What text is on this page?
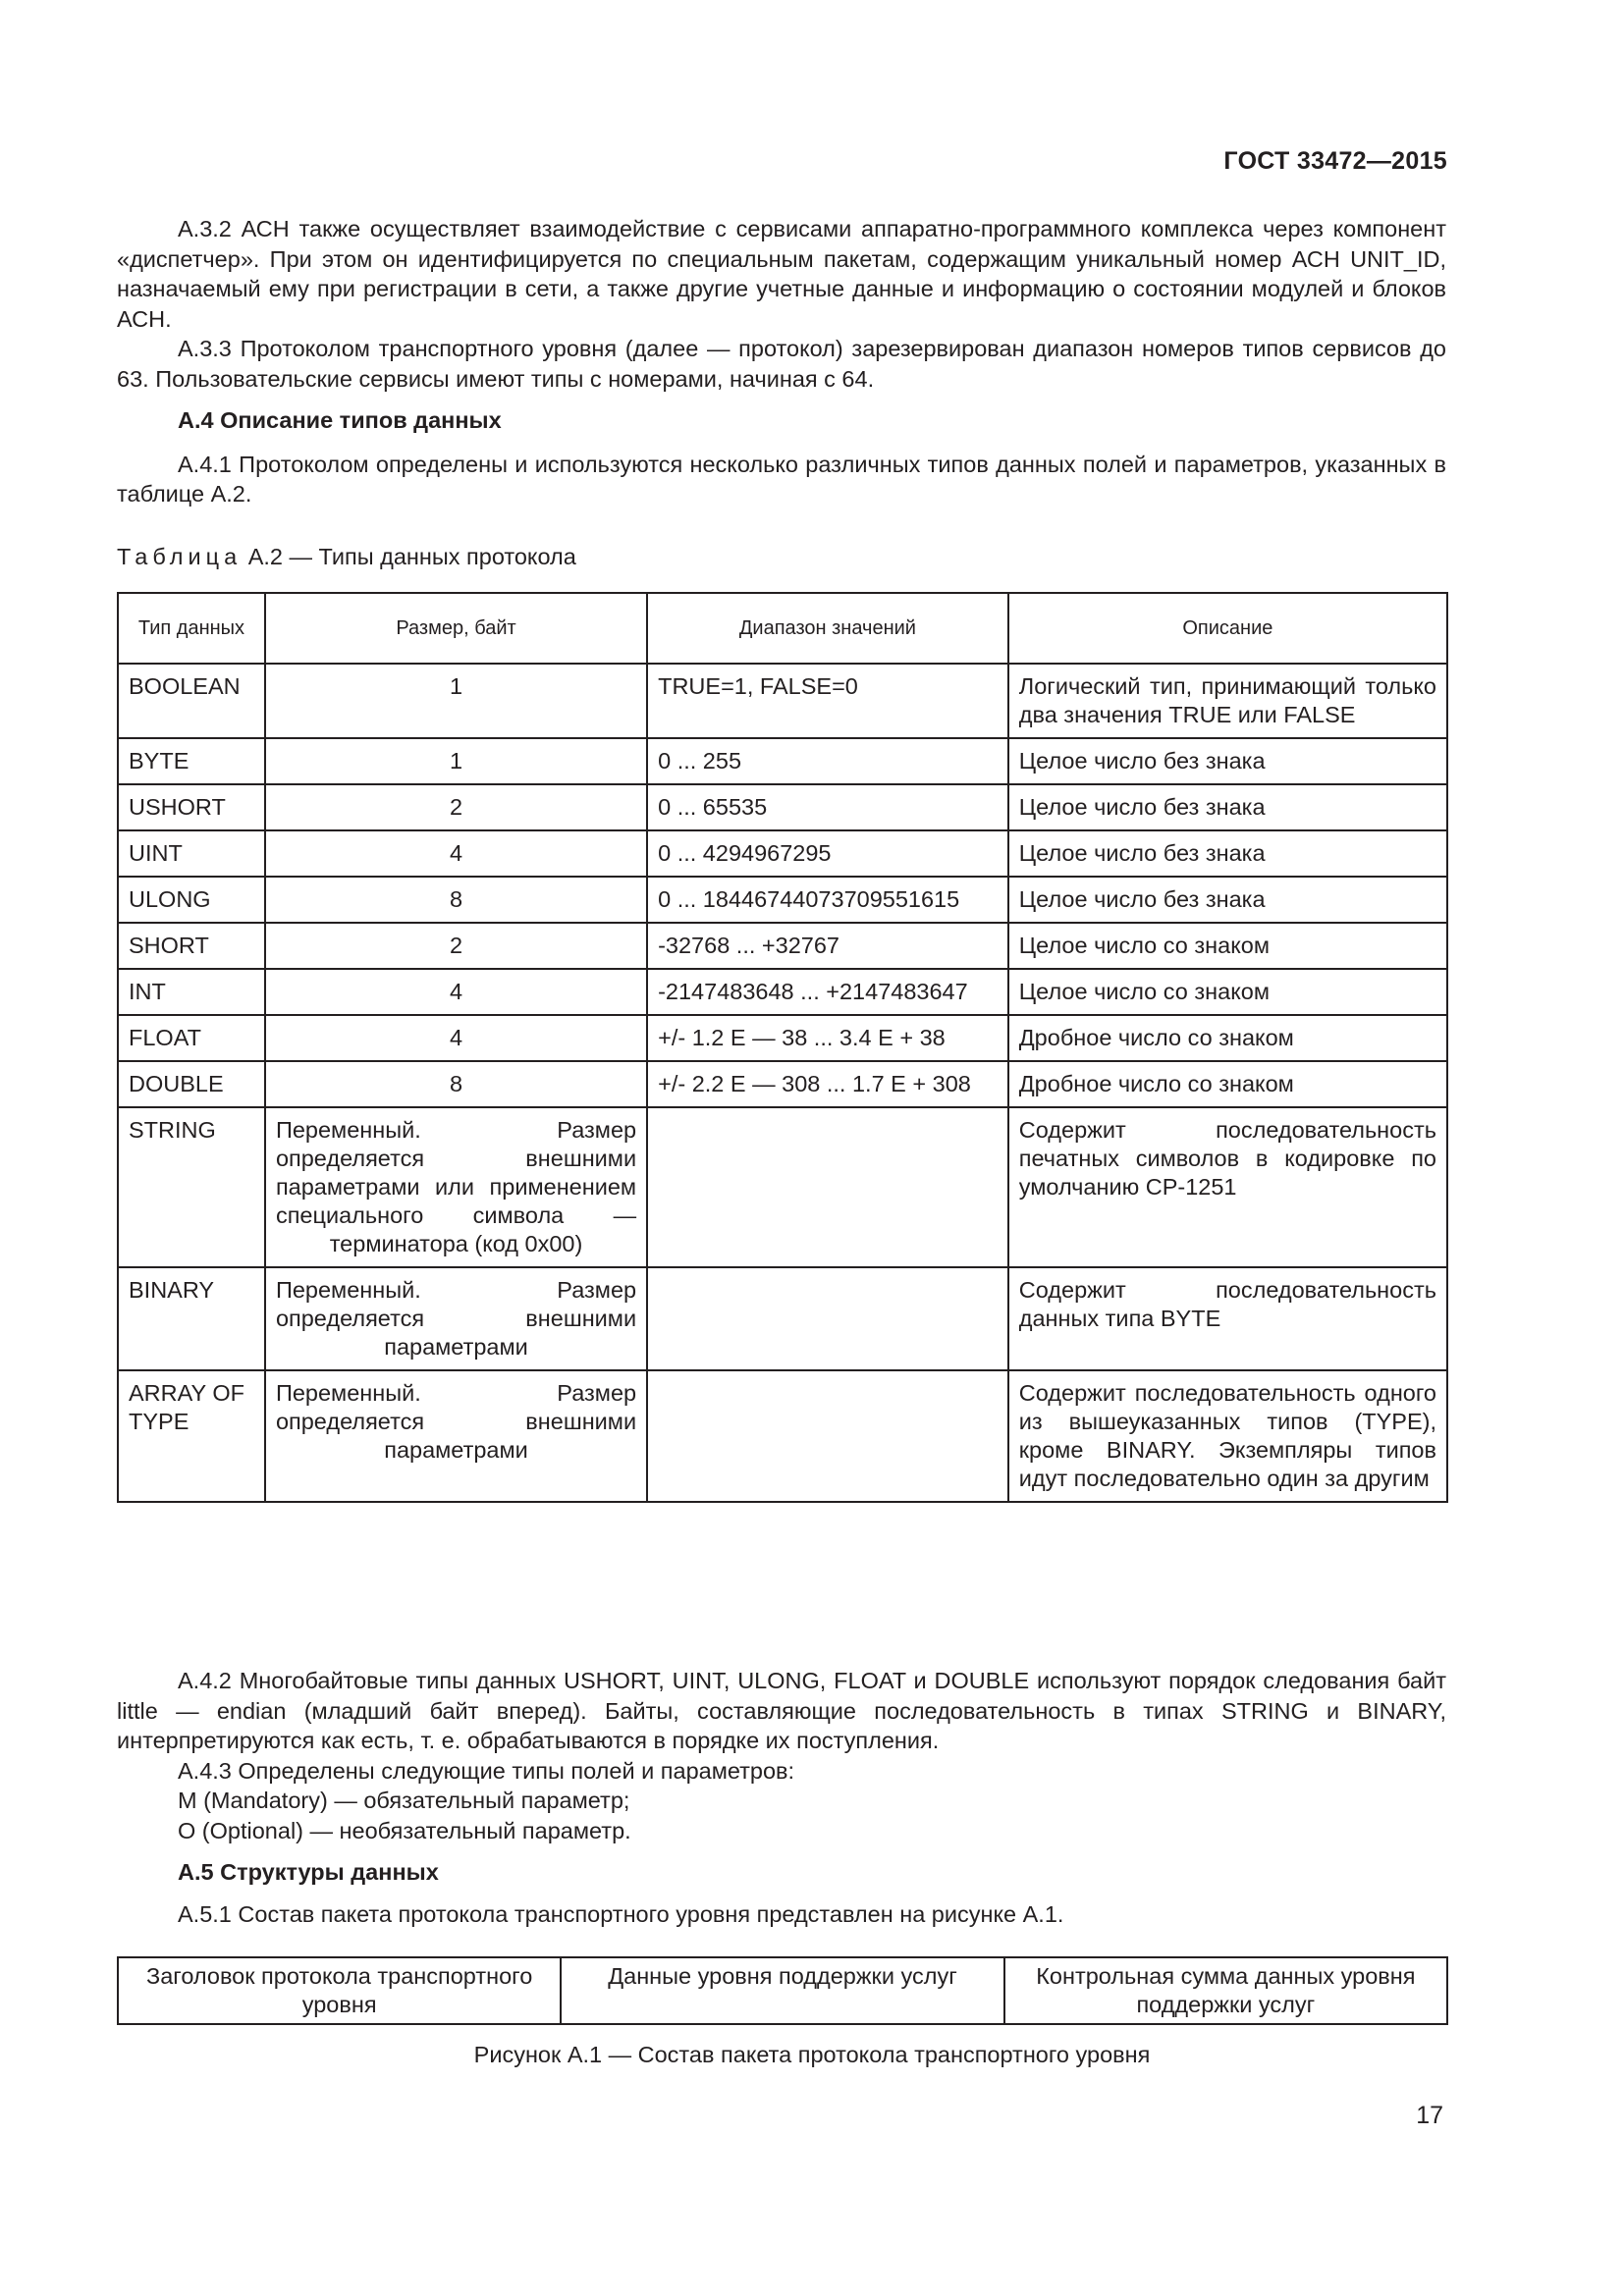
ГОСТ 33472—2015

А.3.2 АСН также осуществляет взаимодействие с сервисами аппаратно-программного комплекса через компонент «диспетчер». При этом он идентифицируется по специальным пакетам, содержащим уникальный номер АСН UNIT_ID, назначаемый ему при регистрации в сети, а также другие учетные данные и информацию о состоянии модулей и блоков АСН.

А.3.3 Протоколом транспортного уровня (далее — протокол) зарезервирован диапазон номеров типов сервисов до 63. Пользовательские сервисы имеют типы с номерами, начиная с 64.

А.4 Описание типов данных

А.4.1 Протоколом определены и используются несколько различных типов данных полей и параметров, указанных в таблице А.2.

Таблица А.2 — Типы данных протокола
Тип данных	Размер, байт	Диапазон значений	Описание
BOOLEAN	1	TRUE=1, FALSE=0	Логический тип, принимающий только два значения TRUE или FALSE
BYTE	1	0 ... 255	Целое число без знака
USHORT	2	0 ... 65535	Целое число без знака
UINT	4	0 ... 4294967295	Целое число без знака
ULONG	8	0 ... 18446744073709551615	Целое число без знака
SHORT	2	-32768 ... +32767	Целое число со знаком
INT	4	-2147483648 ... +2147483647	Целое число со знаком
FLOAT	4	+/- 1.2 E — 38 ... 3.4 E + 38	Дробное число со знаком
DOUBLE	8	+/- 2.2 E — 308 ... 1.7 E + 308	Дробное число со знаком
STRING	Переменный. Размер определяется внешними параметрами или применением специального символа — терминатора (код 0x00)		Содержит последовательность печатных символов в кодировке по умолчанию CP-1251
BINARY	Переменный. Размер определяется внешними параметрами		Содержит последовательность данных типа BYTE
ARRAY OF TYPE	Переменный. Размер определяется внешними параметрами		Содержит последовательность одного из вышеуказанных типов (TYPE), кроме BINARY. Экземпляры типов идут последовательно один за другим

А.4.2 Многобайтовые типы данных USHORT, UINT, ULONG, FLOAT и DOUBLE используют порядок следования байт little — endian (младший байт вперед). Байты, составляющие последовательность в типах STRING и BINARY, интерпретируются как есть, т. е. обрабатываются в порядке их поступления.

А.4.3 Определены следующие типы полей и параметров:

M (Mandatory) — обязательный параметр;

O (Optional) — необязательный параметр.

А.5 Структуры данных

А.5.1 Состав пакета протокола транспортного уровня представлен на рисунке А.1.

Заголовок протокола транспортного уровня	Данные уровня поддержки услуг	Контрольная сумма данных уровня поддержки услуг
Рисунок А.1 — Состав пакета протокола транспортного уровня
17
